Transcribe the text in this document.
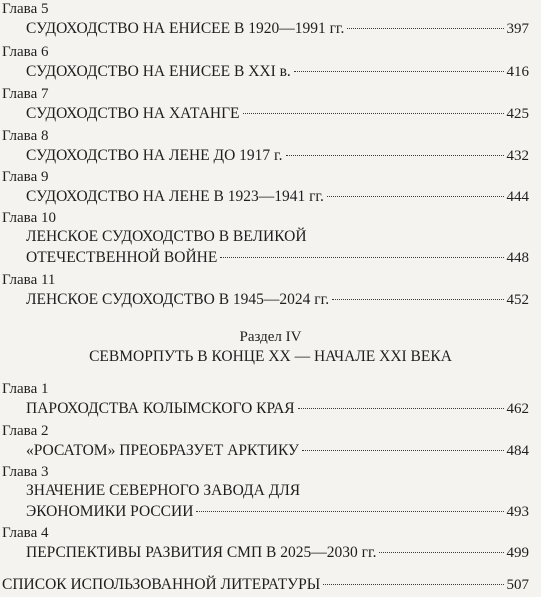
Глава 5
СУДОХОДСТВО НА ЕНИСЕЕ В 1920—1991 гг.	397
Глава 6
СУДОХОДСТВО НА ЕНИСЕЕ В XXI в.	416
Глава 7
СУДОХОДСТВО НА ХАТАНГЕ	425
Глава 8
СУДОХОДСТВО НА ЛЕНЕ ДО 1917 г.	432
Глава 9
СУДОХОДСТВО НА ЛЕНЕ В 1923—1941 гг.	444
Глава 10
ЛЕНСКОЕ СУДОХОДСТВО В ВЕЛИКОЙ
ОТЕЧЕСТВЕННОЙ ВОЙНЕ	448
Глава 11
ЛЕНСКОЕ СУДОХОДСТВО В 1945—2024 гг.	452
Раздел IV
СЕВМОРПУТЬ В КОНЦЕ XX — НАЧАЛЕ XXI ВЕКА
Глава 1
ПАРОХОДСТВА КОЛЫМСКОГО КРАЯ	462
Глава 2
«РОСАТОМ» ПРЕОБРАЗУЕТ АРКТИКУ	484
Глава 3
ЗНАЧЕНИЕ СЕВЕРНОГО ЗАВОДА ДЛЯ
ЭКОНОМИКИ РОССИИ	493
Глава 4
ПЕРСПЕКТИВЫ РАЗВИТИЯ СМП В 2025—2030 гг.	499
СПИСОК ИСПОЛЬЗОВАННОЙ ЛИТЕРАТУРЫ	507
